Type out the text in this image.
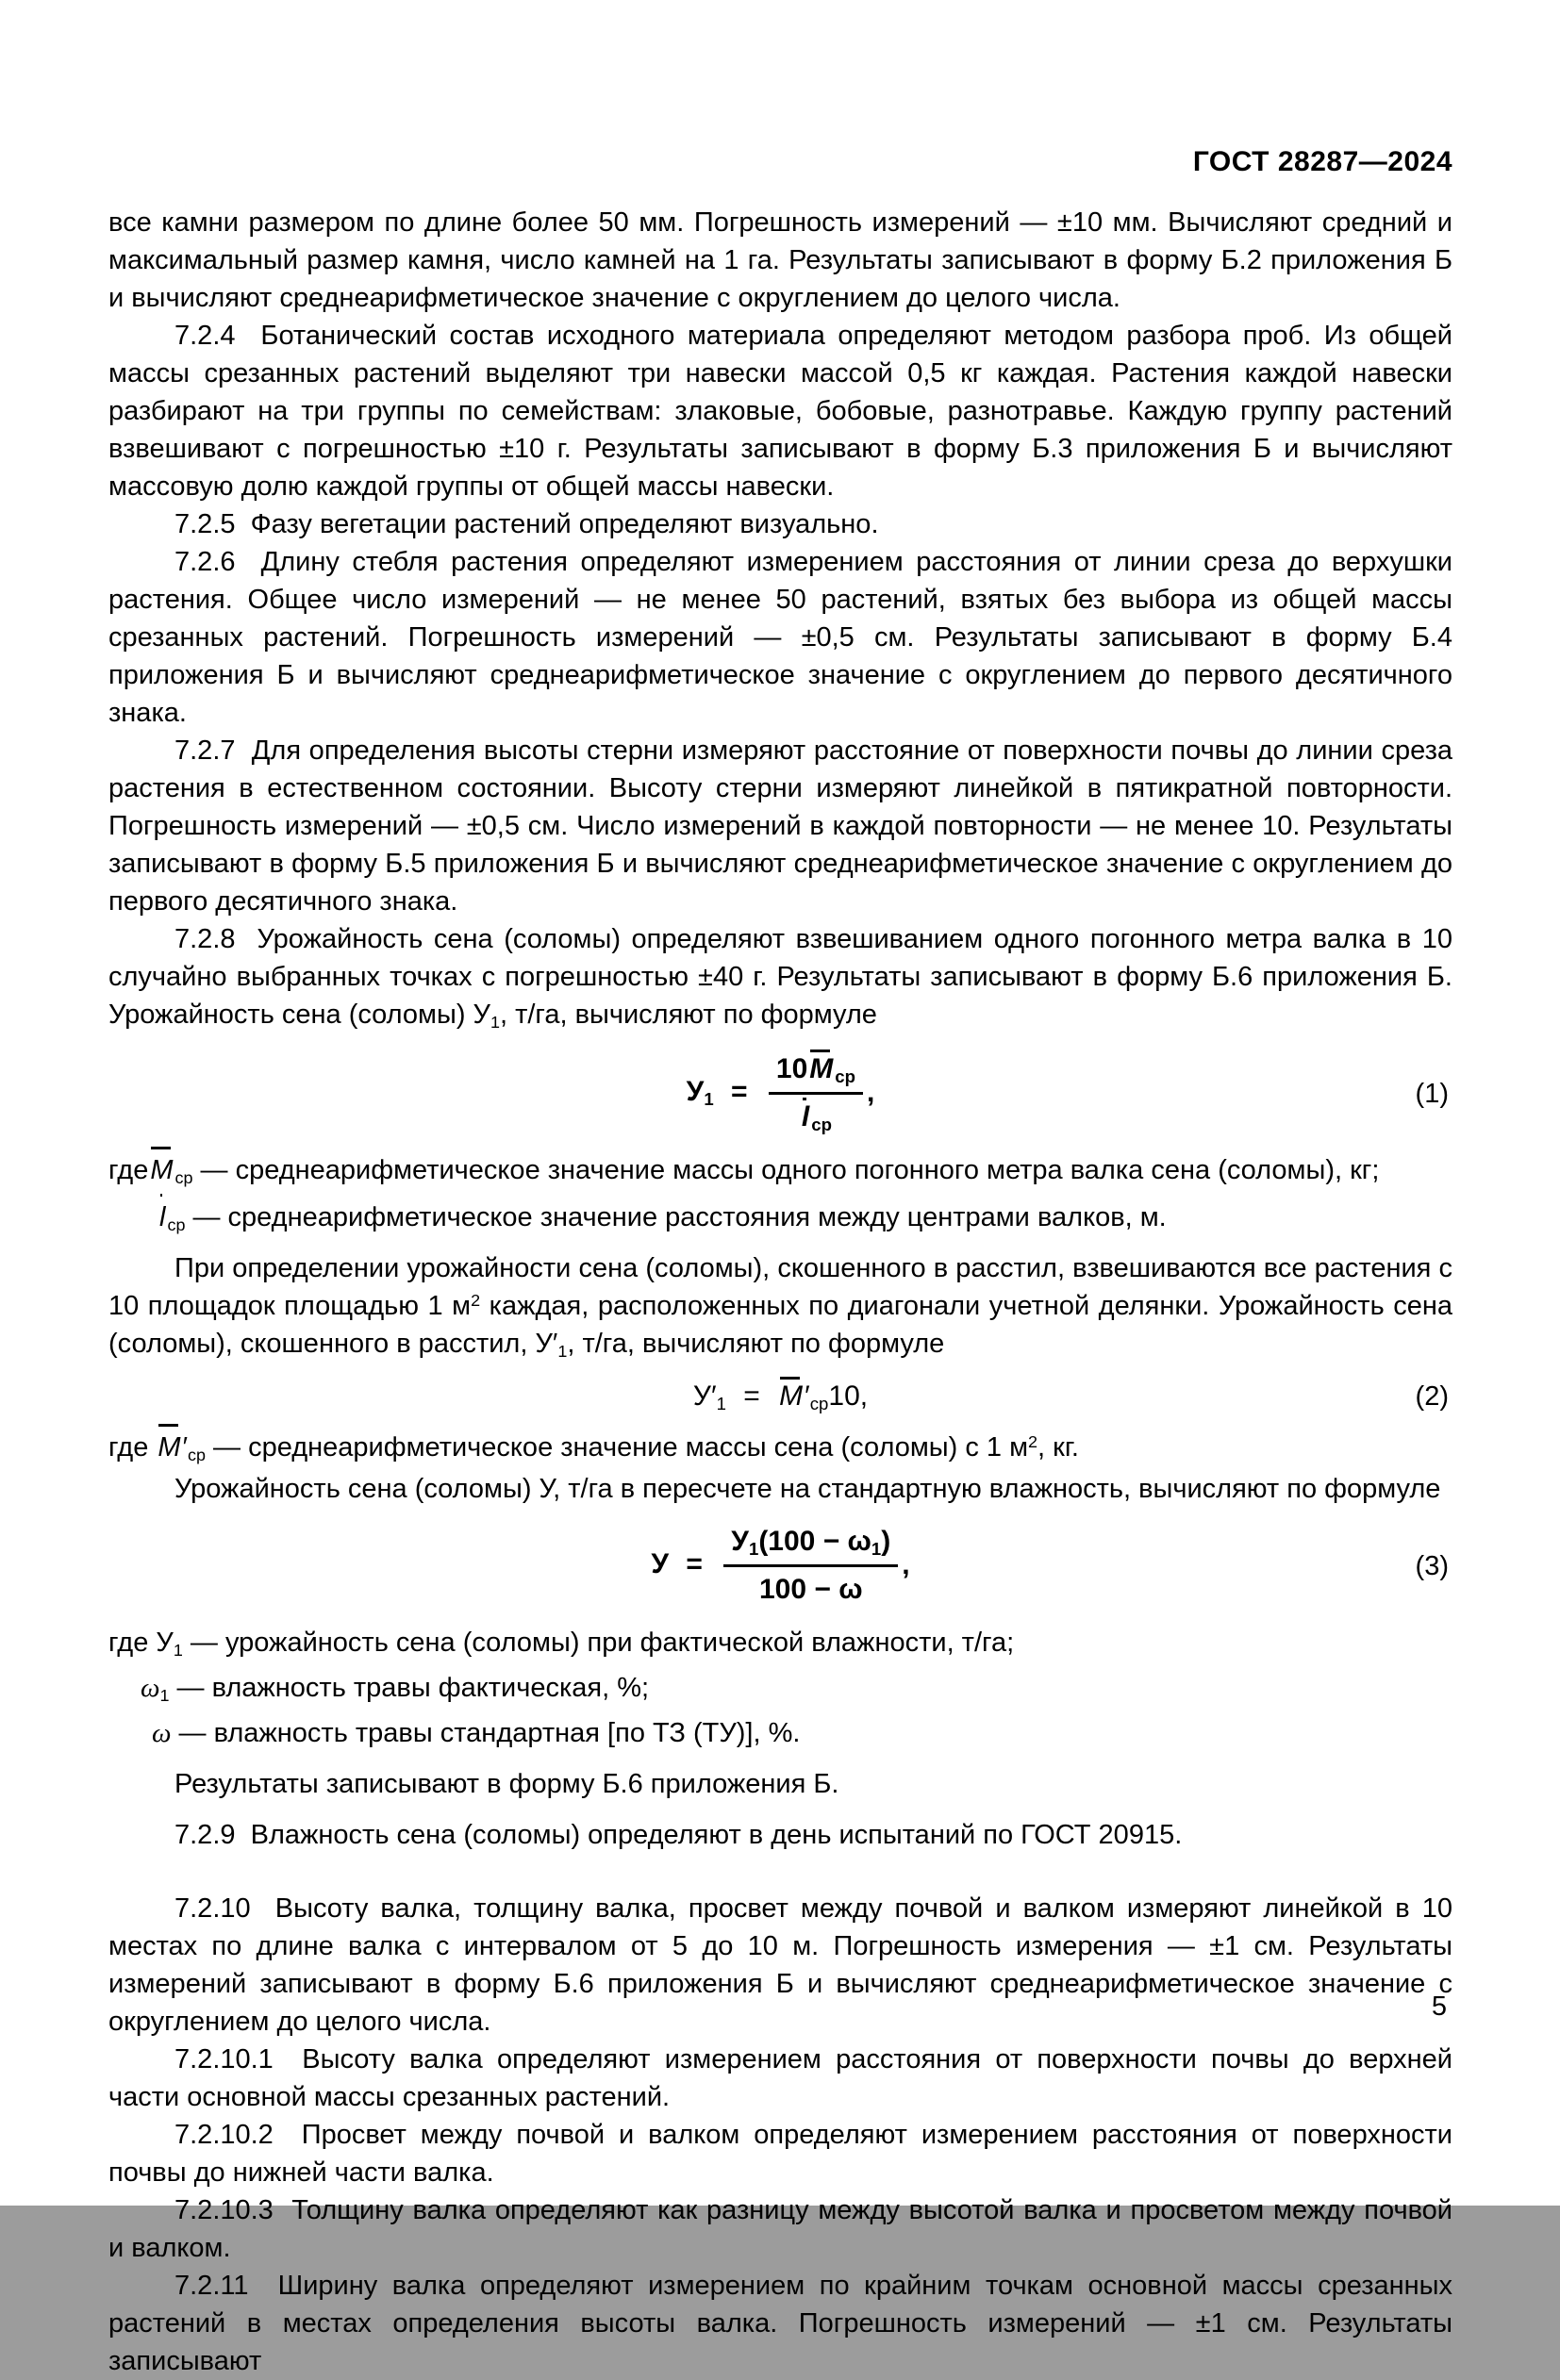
ГОСТ 28287—2024

все камни размером по длине более 50 мм. Погрешность измерений — ±10 мм. Вычисляют средний и максимальный размер камня, число камней на 1 га. Результаты записывают в форму Б.2 приложения Б и вычисляют среднеарифметическое значение с округлением до целого числа.

7.2.4  Ботанический состав исходного материала определяют методом разбора проб. Из общей массы срезанных растений выделяют три навески массой 0,5 кг каждая. Растения каждой навески разбирают на три группы по семействам: злаковые, бобовые, разнотравье. Каждую группу растений взвешивают с погрешностью ±10 г. Результаты записывают в форму Б.3 приложения Б и вычисляют массовую долю каждой группы от общей массы навески.

7.2.5  Фазу вегетации растений определяют визуально.

7.2.6  Длину стебля растения определяют измерением расстояния от линии среза до верхушки растения. Общее число измерений — не менее 50 растений, взятых без выбора из общей массы срезанных растений. Погрешность измерений — ±0,5 см. Результаты записывают в форму Б.4 приложения Б и вычисляют среднеарифметическое значение с округлением до первого десятичного знака.

7.2.7  Для определения высоты стерни измеряют расстояние от поверхности почвы до линии среза растения в естественном состоянии. Высоту стерни измеряют линейкой в пятикратной повторности. Погрешность измерений — ±0,5 см. Число измерений в каждой повторности — не менее 10. Результаты записывают в форму Б.5 приложения Б и вычисляют среднеарифметическое значение с округлением до первого десятичного знака.

7.2.8  Урожайность сена (соломы) определяют взвешиванием одного погонного метра валка в 10 случайно выбранных точках с погрешностью ±40 г. Результаты записывают в форму Б.6 приложения Б. Урожайность сена (соломы) $У_1$, т/га, вычисляют по формуле

$У_1 = \frac{10M _{ср}}{l _{ср}}$ ,	(1)

гдеM $_{ср}$ — среднеарифметическое значение массы одного погонного метра валка сена (соломы), кг;

l $_{ср}$ — среднеарифметическое значение расстояния между центрами валков, м.

При определении урожайности сена (соломы), скошенного в расстил, взвешиваются все растения с 10 площадок площадью 1 $м^2$ каждая, расположенных по диагонали учетной делянки. Урожайность сена (соломы), скошенного в расстил, $У'_1$, т/га, вычисляют по формуле

$У'_1 = M'_{ср}10$,	(2)

где $M'_{ср}$ — среднеарифметическое значение массы сена (соломы) с 1 $м^2$, кг.

Урожайность сена (соломы) У, т/га в пересчете на стандартную влажность, вычисляют по формуле

$У = \frac{У_1(100 - \omega_1)}{100 - \omega}$ ,	(3)

где $У_1$ — урожайность сена (соломы) при фактической влажности, т/га;

$\omega_1$ — влажность травы фактическая, %;

ω — влажность травы стандартная [по ТЗ (ТУ)], %.

Результаты записывают в форму Б.6 приложения Б.

7.2.9  Влажность сена (соломы) определяют в день испытаний по ГОСТ 20915.

7.2.10  Высоту валка, толщину валка, просвет между почвой и валком измеряют линейкой в 10 местах по длине валка с интервалом от 5 до 10 м. Погрешность измерения — ±1 см. Результаты измерений записывают в форму Б.6 приложения Б и вычисляют среднеарифметическое значение с округлением до целого числа.

7.2.10.1  Высоту валка определяют измерением расстояния от поверхности почвы до верхней части основной массы срезанных растений.

7.2.10.2  Просвет между почвой и валком определяют измерением расстояния от поверхности почвы до нижней части валка.

7.2.10.3  Толщину валка определяют как разницу между высотой валка и просветом между почвой и валком.

7.2.11  Ширину валка определяют измерением по крайним точкам основной массы срезанных растений в местах определения высоты валка. Погрешность измерений — ±1 см. Результаты записывают

5
